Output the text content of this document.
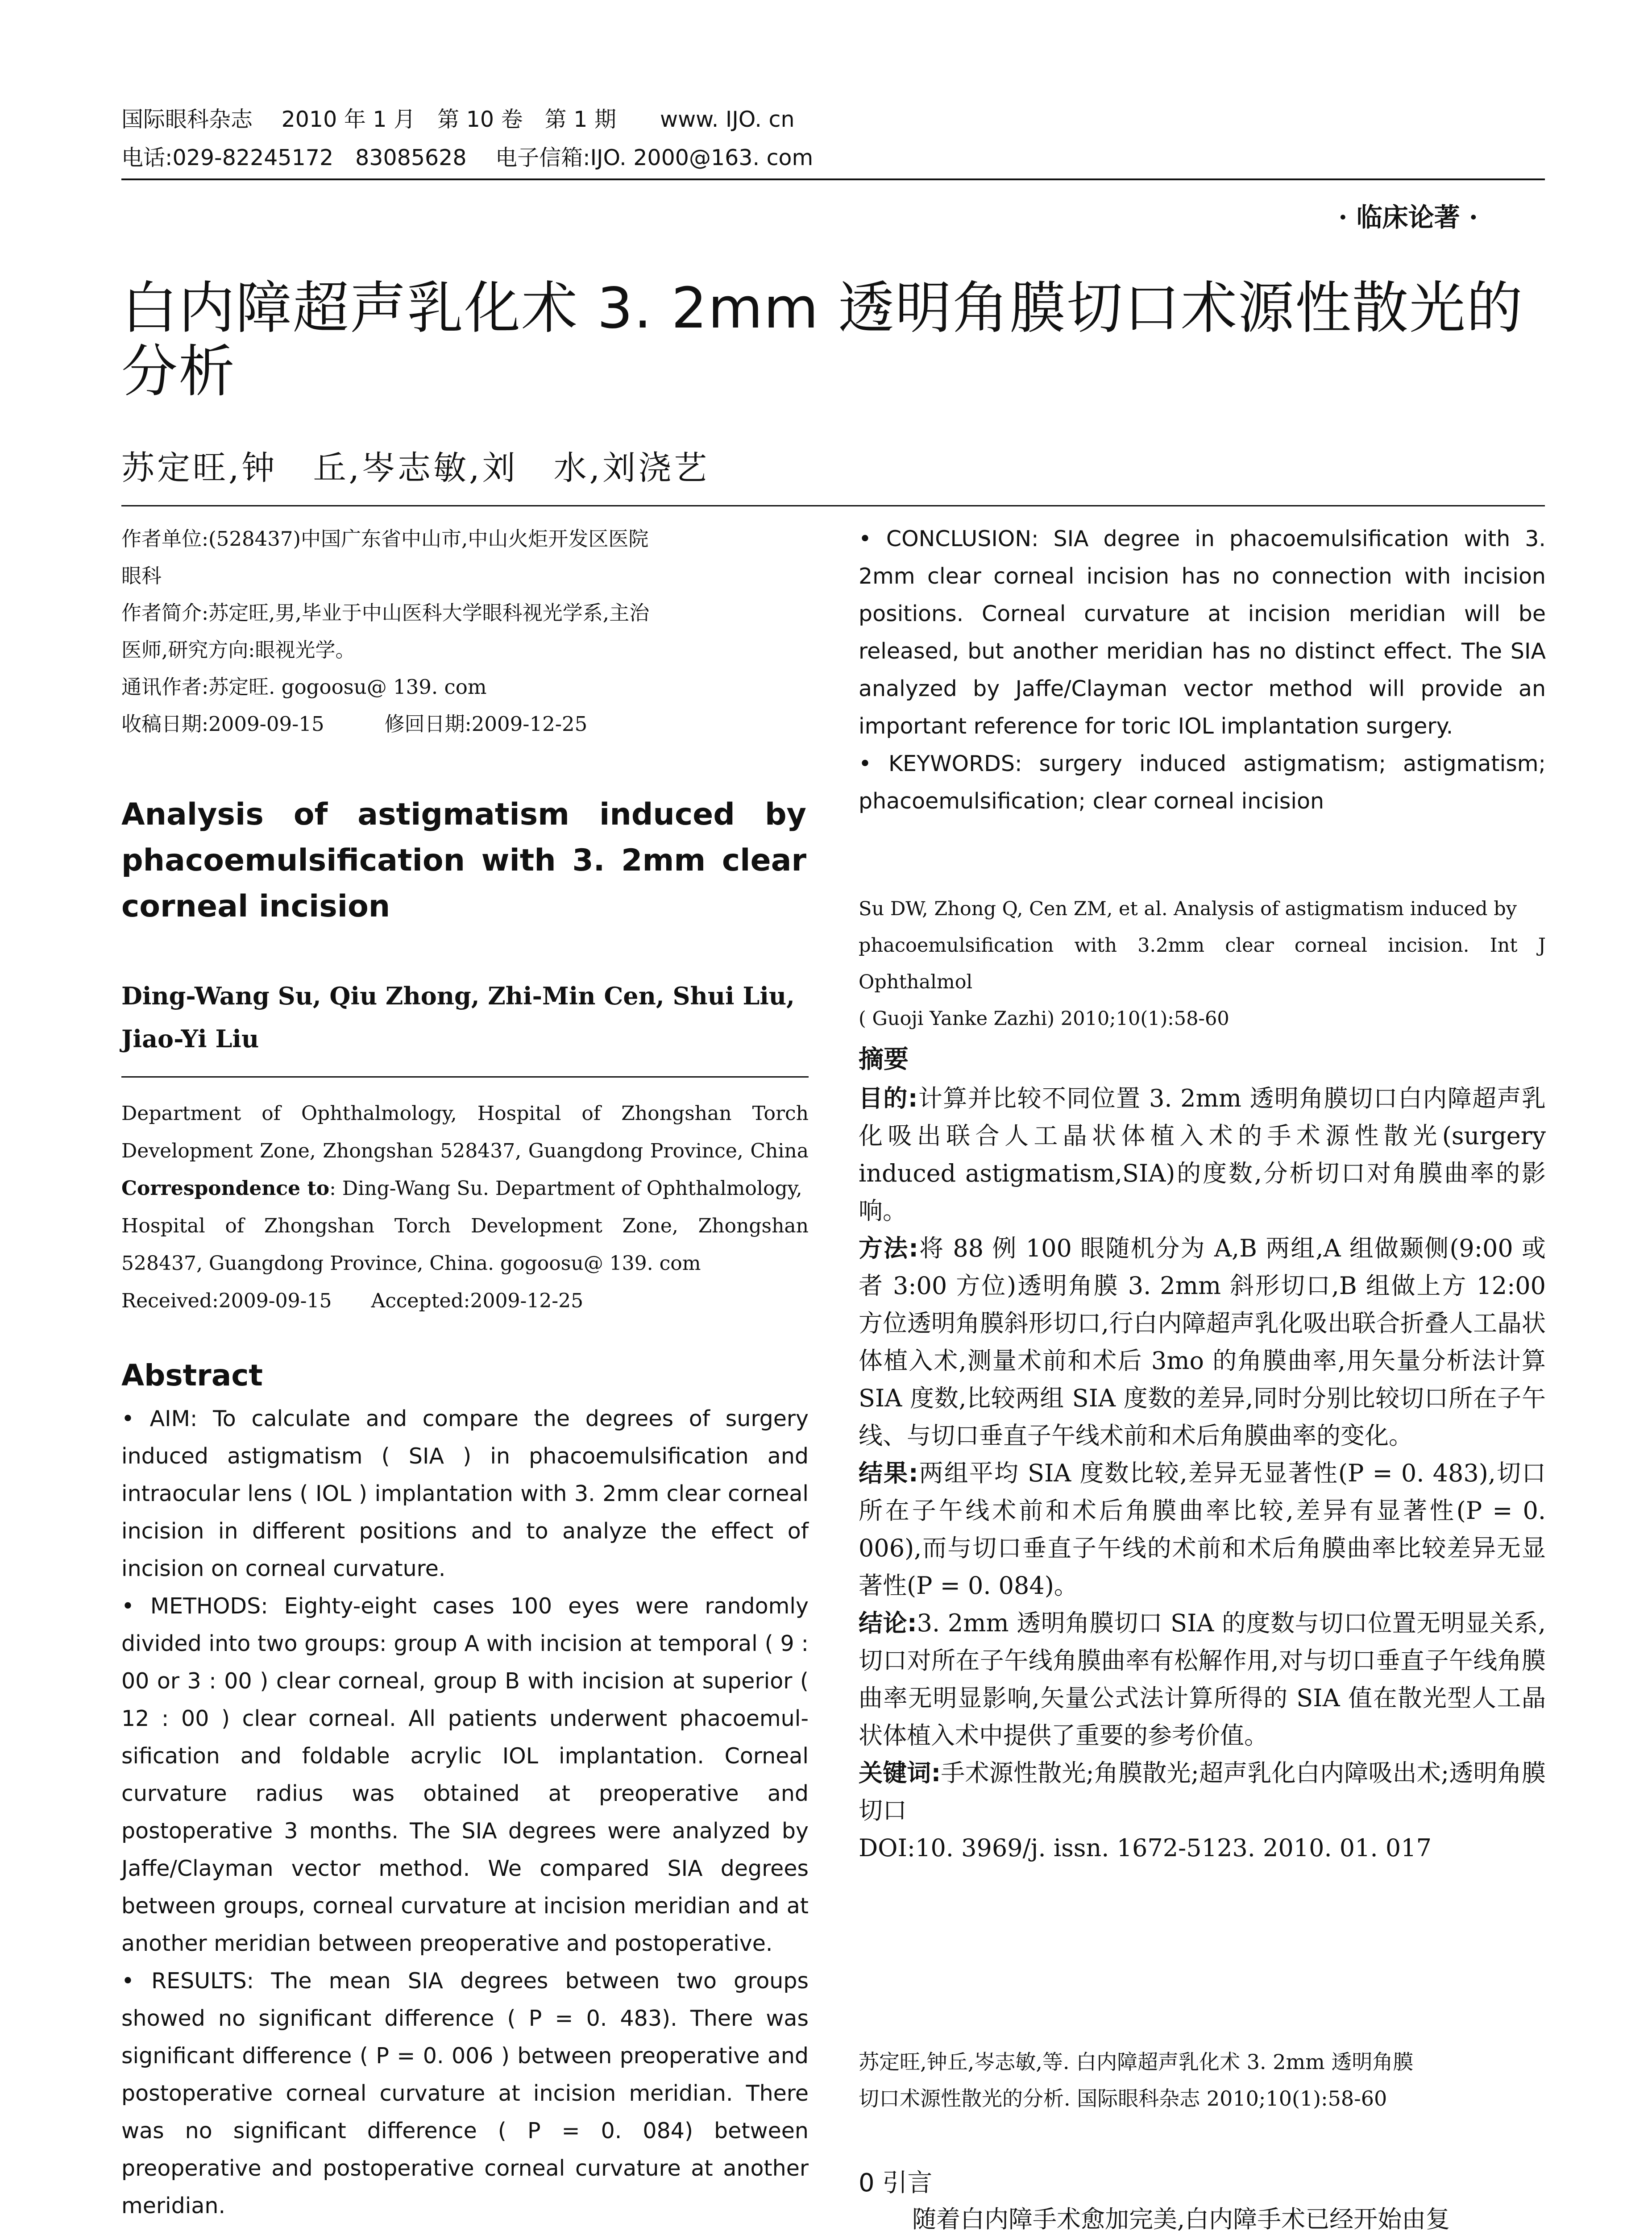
国际眼科杂志　 2010 年 1 月　第 10 卷　第 1 期　　www. IJO. cn
电话:029-82245172　83085628　 电子信箱:IJO. 2000@163. com
· 临床论著 ·
白内障超声乳化术 3. 2mm 透明角膜切口术源性散光的
分析
苏定旺,钟　丘,岑志敏,刘　水,刘浇艺
作者单位:(528437)中国广东省中山市,中山火炬开发区医院
眼科
作者简介:苏定旺,男,毕业于中山医科大学眼科视光学系,主治
医师,研究方向:眼视光学。
通讯作者:苏定旺. gogoosu@ 139. com
收稿日期:2009-09-15　　　修回日期:2009-12-25
Analysis of astigmatism induced by
phacoemulsification with 3. 2mm clear
corneal incision
Ding-Wang Su, Qiu Zhong, Zhi-Min Cen, Shui Liu,
Jiao-Yi Liu
Department of Ophthalmology, Hospital of Zhongshan Torch
Development Zone, Zhongshan 528437, Guangdong Province, China
Correspondence to: Ding-Wang Su. Department of Ophthalmology,
Hospital of Zhongshan Torch Development Zone, Zhongshan
528437, Guangdong Province, China. gogoosu@ 139. com
Received:2009-09-15　　Accepted:2009-12-25
Abstract

• AIM: To calculate and compare the degrees of surgery induced astigmatism ( SIA ) in phacoemulsification and intraocular lens ( IOL ) implantation with 3. 2mm clear corneal incision in different positions and to analyze the effect of incision on corneal curvature.

• METHODS: Eighty-eight cases 100 eyes were randomly divided into two groups: group A with incision at temporal ( 9 : 00 or 3 : 00 ) clear corneal, group B with incision at superior ( 12 : 00 ) clear corneal. All patients underwent phacoemul- sification and foldable acrylic IOL implantation. Corneal curvature radius was obtained at preoperative and postoperative 3 months. The SIA degrees were analyzed by Jaffe/Clayman vector method. We compared SIA degrees between groups, corneal curvature at incision meridian and at another meridian between preoperative and postoperative.

• RESULTS: The mean SIA degrees between two groups showed no significant difference ( P = 0. 483). There was significant difference ( P = 0. 006 ) between preoperative and postoperative corneal curvature at incision meridian. There was no significant difference ( P = 0. 084) between preoperative and postoperative corneal curvature at another meridian.

• CONCLUSION: SIA degree in phacoemulsification with 3. 2mm clear corneal incision has no connection with incision positions. Corneal curvature at incision meridian will be released, but another meridian has no distinct effect. The SIA analyzed by Jaffe/Clayman vector method will provide an important reference for toric IOL implantation surgery.

• KEYWORDS: surgery induced astigmatism; astigmatism; phacoemulsification; clear corneal incision

Su DW, Zhong Q, Cen ZM, et al. Analysis of astigmatism induced by
phacoemulsification with 3.2mm clear corneal incision. Int J Ophthalmol
( Guoji Yanke Zazhi) 2010;10(1):58-60
摘要

目的:计算并比较不同位置 3. 2mm 透明角膜切口白内障超声乳化吸出联合人工晶状体植入术的手术源性散光(surgery induced astigmatism,SIA)的度数,分析切口对角膜曲率的影响。

方法:将 88 例 100 眼随机分为 A,B 两组,A 组做颞侧(9:00 或者 3:00 方位)透明角膜 3. 2mm 斜形切口,B 组做上方 12:00 方位透明角膜斜形切口,行白内障超声乳化吸出联合折叠人工晶状体植入术,测量术前和术后 3mo 的角膜曲率,用矢量分析法计算 SIA 度数,比较两组 SIA 度数的差异,同时分别比较切口所在子午线、与切口垂直子午线术前和术后角膜曲率的变化。

结果:两组平均 SIA 度数比较,差异无显著性(P = 0. 483),切口所在子午线术前和术后角膜曲率比较,差异有显著性(P = 0. 006),而与切口垂直子午线的术前和术后角膜曲率比较差异无显著性(P = 0. 084)。

结论:3. 2mm 透明角膜切口 SIA 的度数与切口位置无明显关系,切口对所在子午线角膜曲率有松解作用,对与切口垂直子午线角膜曲率无明显影响,矢量公式法计算所得的 SIA 值在散光型人工晶状体植入术中提供了重要的参考价值。

关键词:手术源性散光;角膜散光;超声乳化白内障吸出术;透明角膜切口

DOI:10. 3969/j. issn. 1672-5123. 2010. 01. 017

苏定旺,钟丘,岑志敏,等. 白内障超声乳化术 3. 2mm 透明角膜
切口术源性散光的分析. 国际眼科杂志 2010;10(1):58-60
0 引言
随着白内障手术愈加完美,白内障手术已经开始由复
